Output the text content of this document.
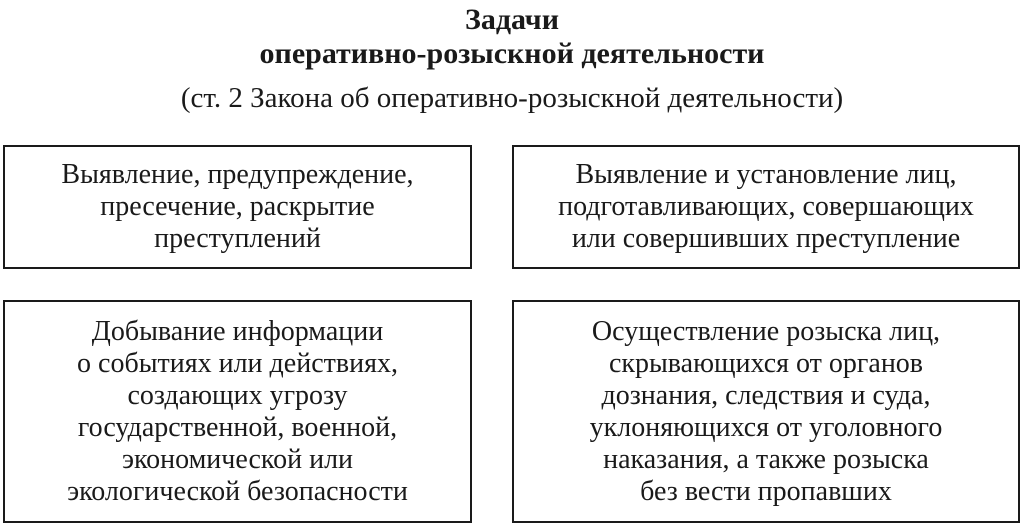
Задачи
оперативно-розыскной деятельности
(ст. 2 Закона об оперативно-розыскной деятельности)
Выявление, предупреждение,
пресечение, раскрытие
преступлений
Выявление и установление лиц,
подготавливающих, совершающих
или совершивших преступление
Добывание информации
о событиях или действиях,
создающих угрозу
государственной, военной,
экономической или
экологической безопасности
Осуществление розыска лиц,
скрывающихся от органов
дознания, следствия и суда,
уклоняющихся от уголовного
наказания, а также розыска
без вести пропавших
